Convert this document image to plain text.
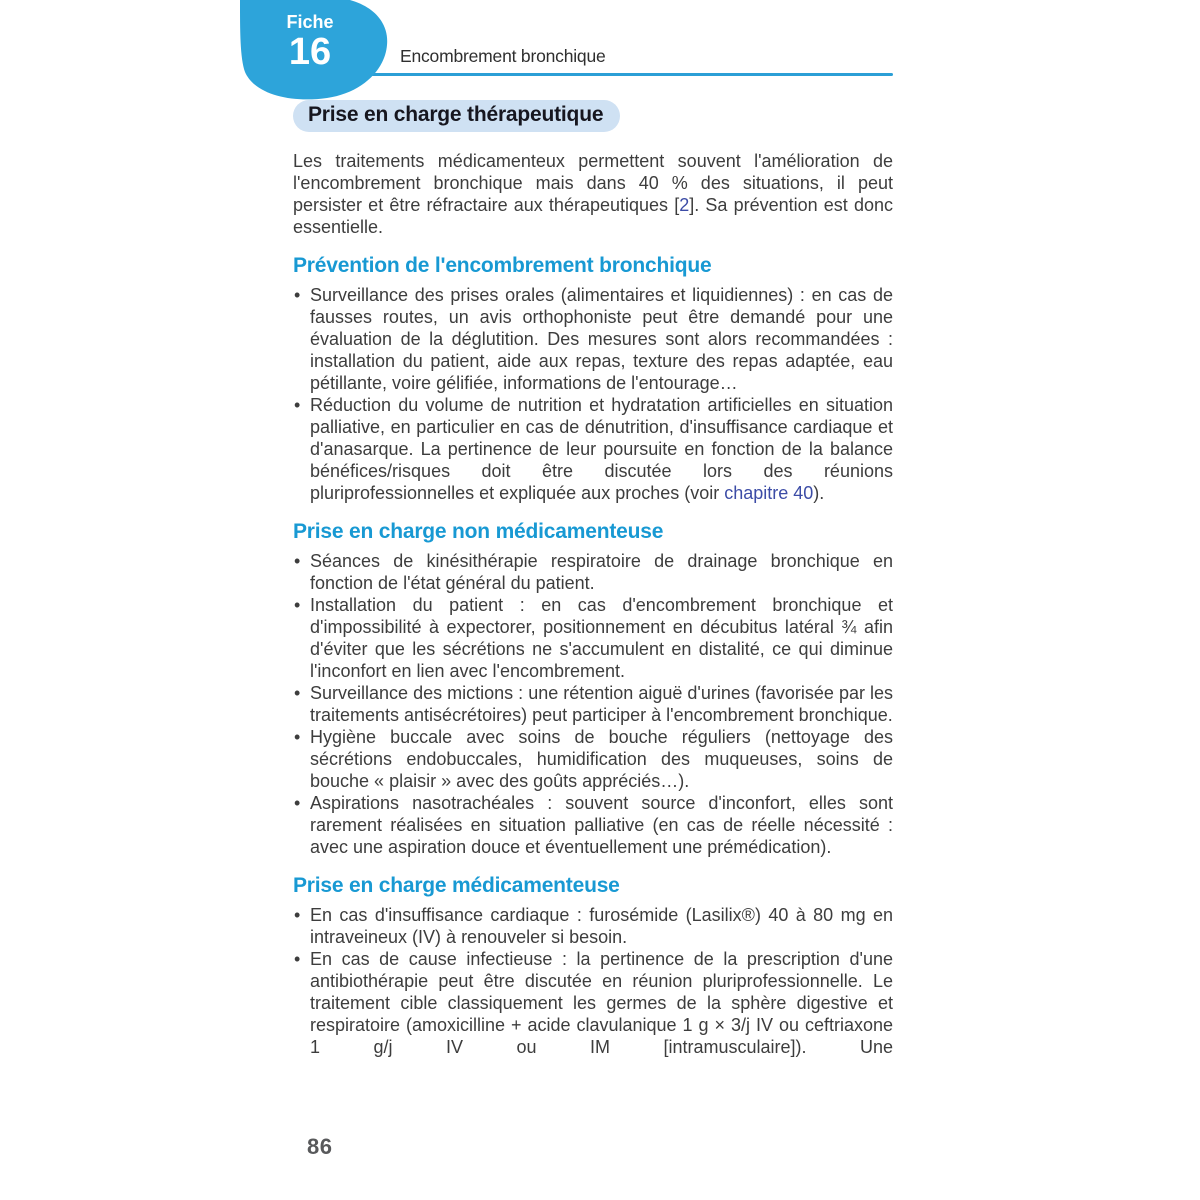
Fiche
16	Encombrement bronchique
Prise en charge thérapeutique

Les traitements médicamenteux permettent souvent l'amélioration de l'encombrement bronchique mais dans 40 % des situations, il peut persister et être réfractaire aux thérapeutiques [2]. Sa prévention est donc essentielle.

Prévention de l'encombrement bronchique
• Surveillance des prises orales (alimentaires et liquidiennes) : en cas de fausses routes, un avis orthophoniste peut être demandé pour une évaluation de la déglutition. Des mesures sont alors recommandées : installation du patient, aide aux repas, texture des repas adaptée, eau pétillante, voire gélifiée, informations de l'entourage…
• Réduction du volume de nutrition et hydratation artificielles en situation palliative, en particulier en cas de dénutrition, d'insuffisance cardiaque et d'anasarque. La pertinence de leur poursuite en fonction de la balance bénéfices/risques doit être discutée lors des réunions pluriprofessionnelles et expliquée aux proches (voir chapitre 40).
Prise en charge non médicamenteuse
• Séances de kinésithérapie respiratoire de drainage bronchique en fonction de l'état général du patient.
• Installation du patient : en cas d'encombrement bronchique et d'impossibilité à expectorer, positionnement en décubitus latéral ¾ afin d'éviter que les sécrétions ne s'accumulent en distalité, ce qui diminue l'inconfort en lien avec l'encombrement.
• Surveillance des mictions : une rétention aiguë d'urines (favorisée par les traitements antisécrétoires) peut participer à l'encombrement bronchique.
• Hygiène buccale avec soins de bouche réguliers (nettoyage des sécrétions endobuccales, humidification des muqueuses, soins de bouche « plaisir » avec des goûts appréciés…).
• Aspirations nasotrachéales : souvent source d'inconfort, elles sont rarement réalisées en situation palliative (en cas de réelle nécessité : avec une aspiration douce et éventuellement une prémédication).
Prise en charge médicamenteuse
• En cas d'insuffisance cardiaque : furosémide (Lasilix®) 40 à 80 mg en intraveineux (IV) à renouveler si besoin.
• En cas de cause infectieuse : la pertinence de la prescription d'une antibiothérapie peut être discutée en réunion pluriprofessionnelle. Le traitement cible classiquement les germes de la sphère digestive et respiratoire (amoxicilline + acide clavulanique 1 g × 3/j IV ou ceftriaxone 1 g/j IV ou IM [intramusculaire]). Une
86
